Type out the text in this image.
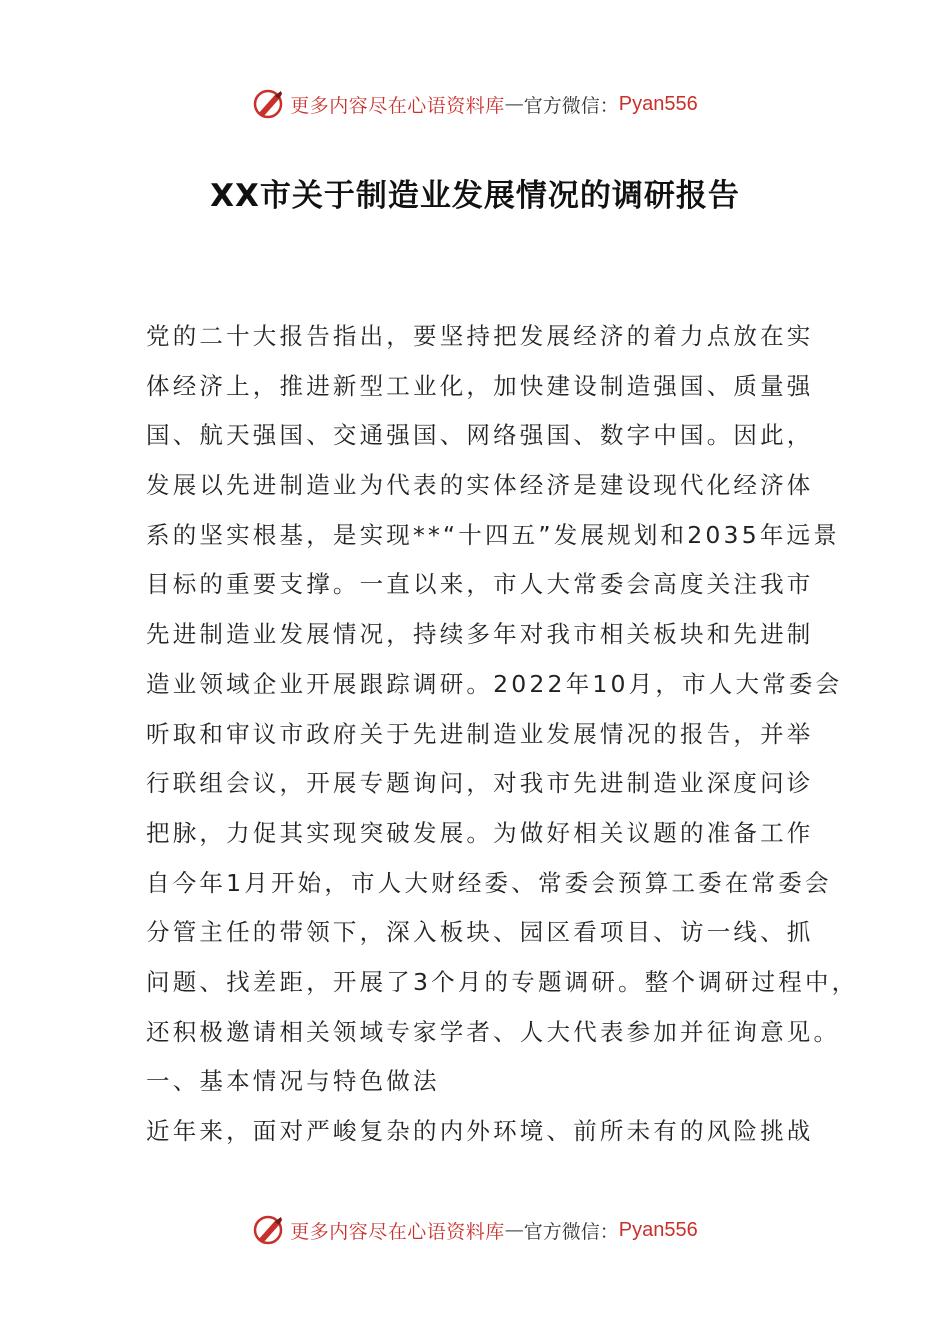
更多内容尽在心语资料库 — 官方微信： Pyan556
XX市关于制造业发展情况的调研报告
党的二十大报告指出，要坚持把发展经济的着力点放在实
体经济上，推进新型工业化，加快建设制造强国、质量强
国、航天强国、交通强国、网络强国、数字中国。因此，
发展以先进制造业为代表的实体经济是建设现代化经济体
系的坚实根基，是实现**“十四五”发展规划和2035年远景
目标的重要支撑。一直以来，市人大常委会高度关注我市
先进制造业发展情况，持续多年对我市相关板块和先进制
造业领域企业开展跟踪调研。2022年10月，市人大常委会
听取和审议市政府关于先进制造业发展情况的报告，并举
行联组会议，开展专题询问，对我市先进制造业深度问诊
把脉，力促其实现突破发展。为做好相关议题的准备工作
自今年1月开始，市人大财经委、常委会预算工委在常委会
分管主任的带领下，深入板块、园区看项目、访一线、抓
问题、找差距，开展了3个月的专题调研。整个调研过程中，
还积极邀请相关领域专家学者、人大代表参加并征询意见。
一、基本情况与特色做法
近年来，面对严峻复杂的内外环境、前所未有的风险挑战
更多内容尽在心语资料库 — 官方微信： Pyan556
